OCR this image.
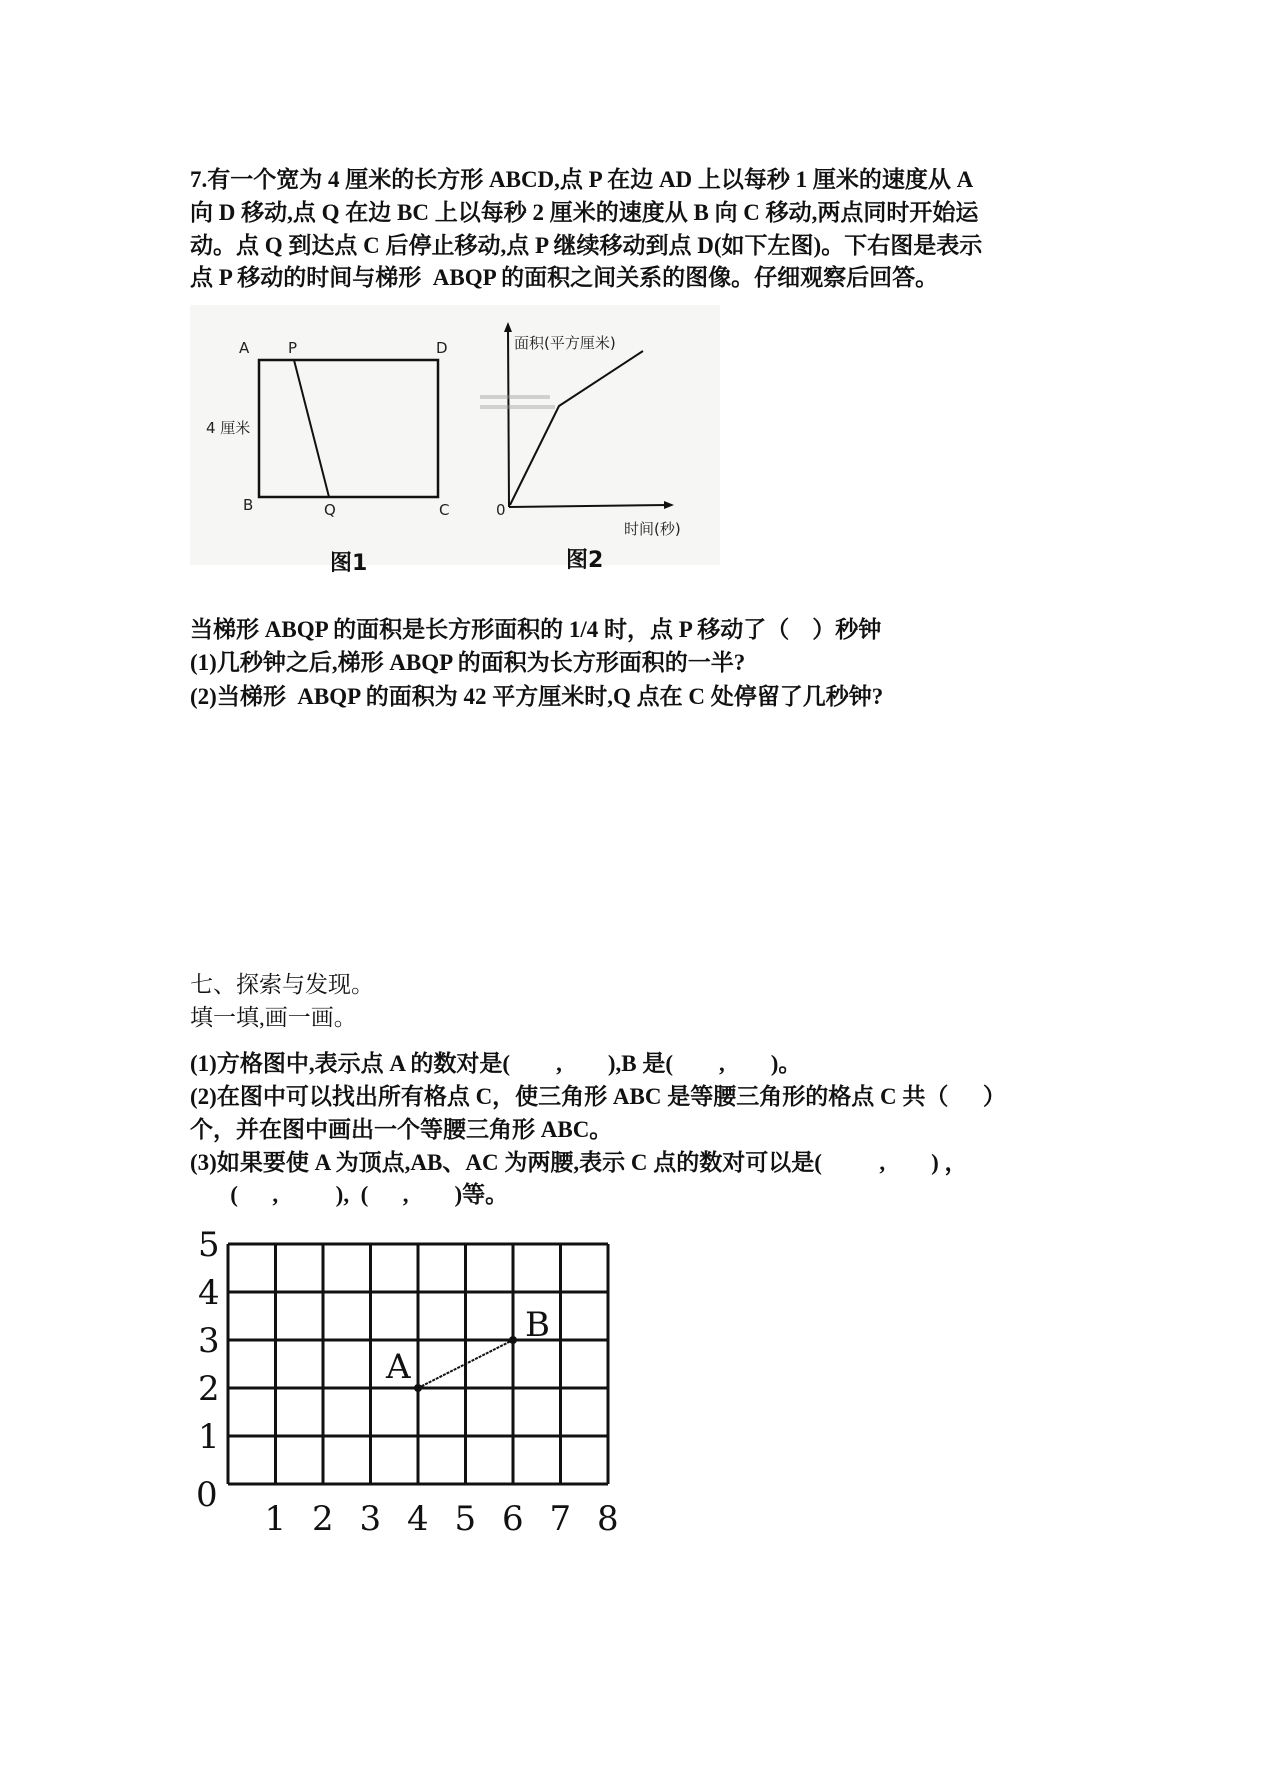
7.有一个宽为 4 厘米的长方形 ABCD,点 P 在边 AD 上以每秒 1 厘米的速度从 A
向 D 移动,点 Q 在边 BC 上以每秒 2 厘米的速度从 B 向 C 移动,两点同时开始运
动。点 Q 到达点 C 后停止移动,点 P 继续移动到点 D(如下左图)。下右图是表示
点 P 移动的时间与梯形  ABQP 的面积之间关系的图像。仔细观察后回答。
A	P	D
4 厘米
B	Q	C
图1
面积(平方厘米)
0
时间(秒)
图2
当梯形 ABQP 的面积是长方形面积的 1/4 时，点 P 移动了（    ）秒钟
(1)几秒钟之后,梯形 ABQP 的面积为长方形面积的一半?
(2)当梯形  ABQP 的面积为 42 平方厘米时,Q 点在 C 处停留了几秒钟?
七、探索与发现。
填一填,画一画。
(1)方格图中,表示点 A 的数对是(        ,        ),B 是(        ,        )。
(2)在图中可以找出所有格点 C，使三角形 ABC 是等腰三角形的格点 C 共（      ）
个，并在图中画出一个等腰三角形 ABC。
(3)如果要使 A 为顶点,AB、AC 为两腰,表示 C 点的数对可以是(          ,        ) ，
(      ,          ),  (      ,        )等。
0
1 2 3 4 5 6 7 8
1
2
3
4
5
A
B
